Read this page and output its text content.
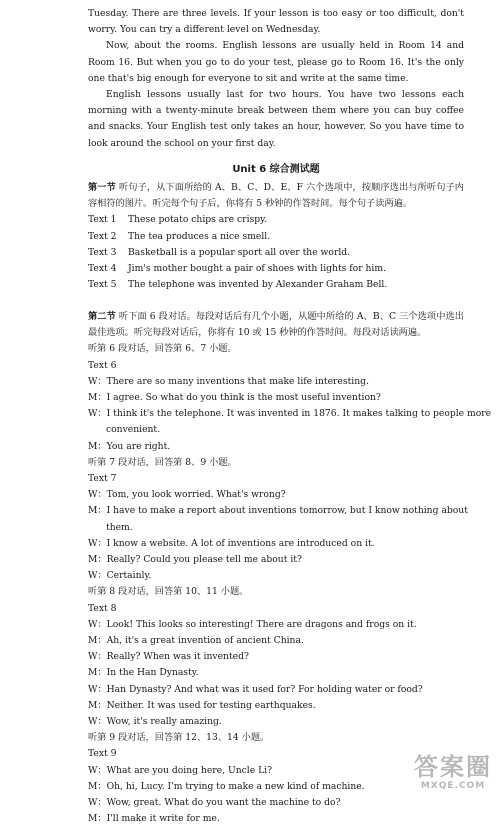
Tuesday. There are three levels. If your lesson is too easy or too difficult, don't worry. You can try a different level on Wednesday.

Now, about the rooms. English lessons are usually held in Room 14 and Room 16. But when you go to do your test, please go to Room 16. It's the only one that's big enough for everyone to sit and write at the same time.

English lessons usually last for two hours. You have two lessons each morning with a twenty-minute break between them where you can buy coffee and snacks. Your English test only takes an hour, however. So you have time to look around the school on your first day.

Unit 6 综合测试题

第一节 听句子，从下面所给的 A、B、C、D、E、F 六个选项中，按顺序选出与所听句子内容相符的图片。听完每个句子后，你将有 5 秒钟的作答时间。每个句子读两遍。

Text 1 These potato chips are crispy.
Text 2 The tea produces a nice smell.
Text 3 Basketball is a popular sport all over the world.
Text 4 Jim's mother bought a pair of shoes with lights for him.
Text 5 The telephone was invented by Alexander Graham Bell.

第二节 听下面 6 段对话。每段对话后有几个小题，从题中所给的 A、B、C 三个选项中选出最佳选项。听完每段对话后，你将有 10 或 15 秒钟的作答时间。每段对话读两遍。

听第 6 段对话，回答第 6、7 小题。
Text 6
W：There are so many inventions that make life interesting.
M：I agree. So what do you think is the most useful invention?
W：I think it's the telephone. It was invented in 1876. It makes talking to people more
convenient.
M：You are right.
听第 7 段对话，回答第 8、9 小题。
Text 7
W：Tom, you look worried. What's wrong?
M：I have to make a report about inventions tomorrow, but I know nothing about
them.
W：I know a website. A lot of inventions are introduced on it.
M：Really? Could you please tell me about it?
W：Certainly.
听第 8 段对话，回答第 10、11 小题。
Text 8
W：Look! This looks so interesting! There are dragons and frogs on it.
M：Ah, it's a great invention of ancient China.
W：Really? When was it invented?
M：In the Han Dynasty.
W：Han Dynasty? And what was it used for? For holding water or food?
M：Neither. It was used for testing earthquakes.
W：Wow, it's really amazing.
听第 9 段对话，回答第 12、13、14 小题。
Text 9
W：What are you doing here, Uncle Li?
M：Oh, hi, Lucy. I'm trying to make a new kind of machine.
W：Wow, great. What do you want the machine to do?
M：I'll make it write for me.
答案圈
MXQE.COM
